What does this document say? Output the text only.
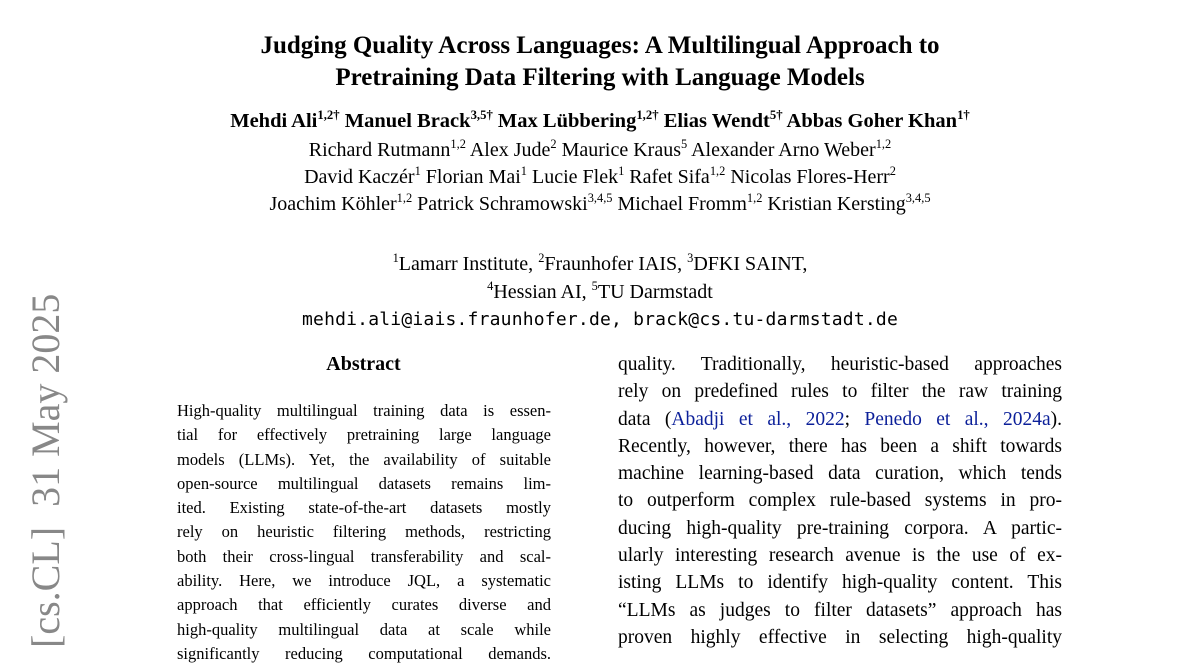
[cs.CL]  31 May 2025
Judging Quality Across Languages: A Multilingual Approach to
Pretraining Data Filtering with Language Models
Mehdi Ali$^{1,2\dagger}$ Manuel Brack$^{3,5\dagger}$ Max Lübbering$^{1,2\dagger}$ Elias Wendt$^{5\dagger}$ Abbas Goher Khan$^{1\dagger}$
Richard Rutmann$^{1,2}$ Alex Jude$^2$ Maurice Kraus$^5$ Alexander Arno Weber$^{1,2}$
David Kaczér$^1$ Florian Mai$^1$ Lucie Flek$^1$ Rafet Sifa$^{1,2}$ Nicolas Flores-Herr$^2$
Joachim Köhler$^{1,2}$ Patrick Schramowski$^{3,4,5}$ Michael Fromm$^{1,2}$ Kristian Kersting$^{3,4,5}$
$^1$Lamarr Institute, $^2$Fraunhofer IAIS, $^3$DFKI SAINT,
$^4$Hessian AI, $^5$TU Darmstadt
mehdi.ali@iais.fraunhofer.de, brack@cs.tu-darmstadt.de
Abstract
High-quality multilingual training data is essen-
tial for effectively pretraining large language
models (LLMs). Yet, the availability of suitable
open-source multilingual datasets remains lim-
ited. Existing state-of-the-art datasets mostly
rely on heuristic filtering methods, restricting
both their cross-lingual transferability and scal-
ability. Here, we introduce JQL, a systematic
approach that efficiently curates diverse and
high-quality multilingual data at scale while
significantly reducing computational demands.
quality. Traditionally, heuristic-based approaches
rely on predefined rules to filter the raw training
data (Abadji et al., 2022; Penedo et al., 2024a).
Recently, however, there has been a shift towards
machine learning-based data curation, which tends
to outperform complex rule-based systems in pro-
ducing high-quality pre-training corpora. A partic-
ularly interesting research avenue is the use of ex-
isting LLMs to identify high-quality content. This
“LLMs as judges to filter datasets” approach has
proven highly effective in selecting high-quality
